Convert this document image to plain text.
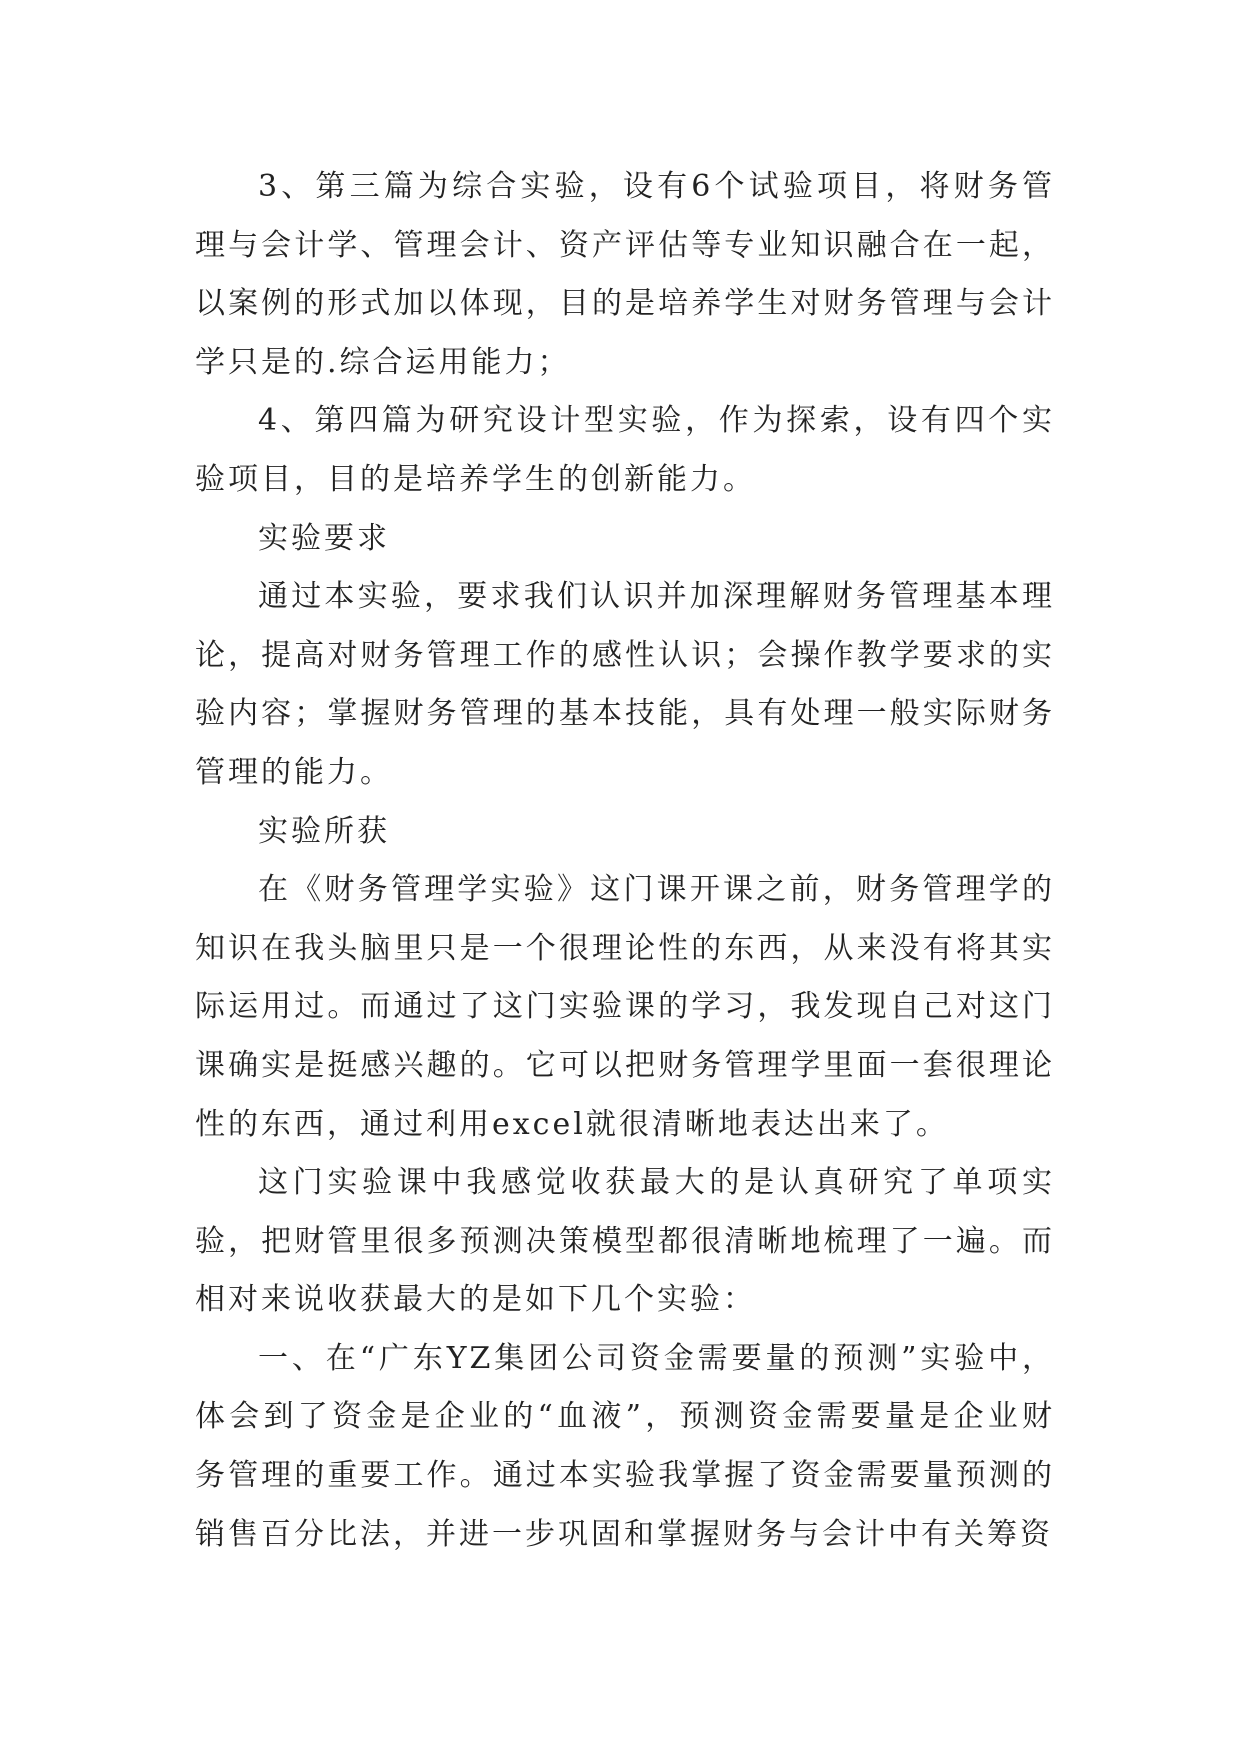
3、第三篇为综合实验，设有6个试验项目，将财务管理与会计学、管理会计、资产评估等专业知识融合在一起，以案例的形式加以体现，目的是培养学生对财务管理与会计学只是的.综合运用能力；

4、第四篇为研究设计型实验，作为探索，设有四个实验项目，目的是培养学生的创新能力。

实验要求

通过本实验，要求我们认识并加深理解财务管理基本理论，提高对财务管理工作的感性认识；会操作教学要求的实验内容；掌握财务管理的基本技能，具有处理一般实际财务管理的能力。

实验所获

在《财务管理学实验》这门课开课之前，财务管理学的知识在我头脑里只是一个很理论性的东西，从来没有将其实际运用过。而通过了这门实验课的学习，我发现自己对这门课确实是挺感兴趣的。它可以把财务管理学里面一套很理论性的东西，通过利用excel就很清晰地表达出来了。

这门实验课中我感觉收获最大的是认真研究了单项实验，把财管里很多预测决策模型都很清晰地梳理了一遍。而相对来说收获最大的是如下几个实验：

一、在“广东YZ集团公司资金需要量的预测”实验中，体会到了资金是企业的“血液”，预测资金需要量是企业财务管理的重要工作。通过本实验我掌握了资金需要量预测的销售百分比法，并进一步巩固和掌握财务与会计中有关筹资
